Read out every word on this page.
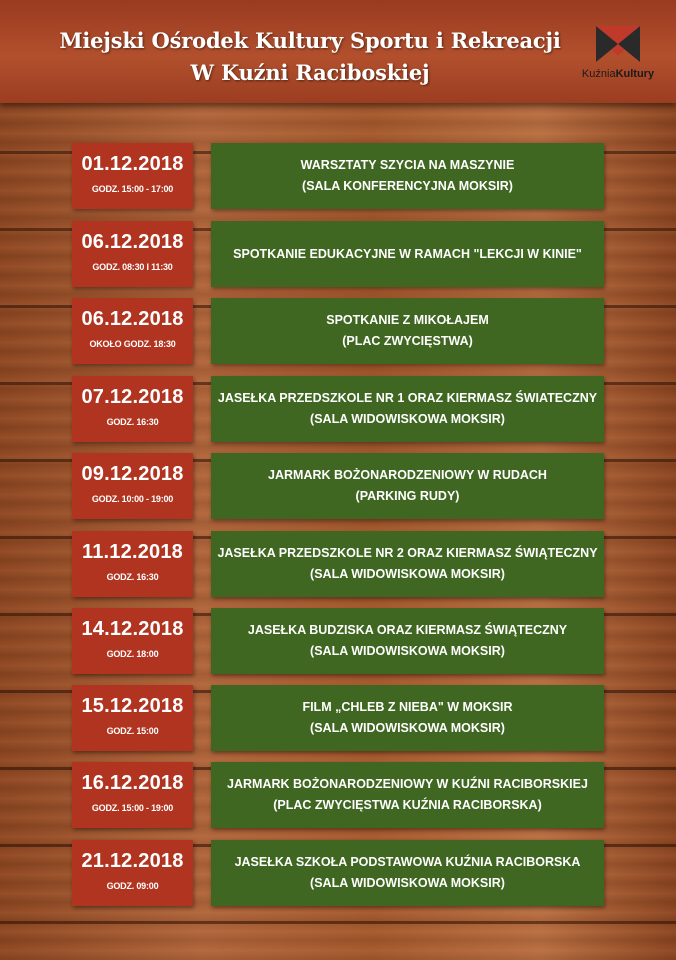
Miejski Ośrodek Kultury Sportu i Rekreacji
W Kuźni Raciboskiej	KuźniaKultury
01.12.2018
GODZ. 15:00 - 17:00
WARSZTATY SZYCIA NA MASZYNIE
(SALA KONFERENCYJNA MOKSIR)
06.12.2018
GODZ. 08:30 I 11:30
SPOTKANIE EDUKACYJNE W RAMACH "LEKCJI W KINIE"
06.12.2018
OKOŁO GODZ. 18:30
SPOTKANIE Z MIKOŁAJEM
(PLAC ZWYCIĘSTWA)
07.12.2018
GODZ. 16:30
JASEŁKA PRZEDSZKOLE NR 1 ORAZ KIERMASZ ŚWIATECZNY
(SALA WIDOWISKOWA MOKSIR)
09.12.2018
GODZ. 10:00 - 19:00
JARMARK BOŻONARODZENIOWY W RUDACH
(PARKING RUDY)
11.12.2018
GODZ. 16:30
JASEŁKA PRZEDSZKOLE NR 2 ORAZ KIERMASZ ŚWIĄTECZNY
(SALA WIDOWISKOWA MOKSIR)
14.12.2018
GODZ. 18:00
JASEŁKA BUDZISKA ORAZ KIERMASZ ŚWIĄTECZNY
(SALA WIDOWISKOWA MOKSIR)
15.12.2018
GODZ. 15:00
FILM „CHLEB Z NIEBA" W MOKSIR
(SALA WIDOWISKOWA MOKSIR)
16.12.2018
GODZ. 15:00 - 19:00
JARMARK BOŻONARODZENIOWY W KUŹNI RACIBORSKIEJ
(PLAC ZWYCIĘSTWA KUŹNIA RACIBORSKA)
21.12.2018
GODZ. 09:00
JASEŁKA SZKOŁA PODSTAWOWA KUŹNIA RACIBORSKA
(SALA WIDOWISKOWA MOKSIR)
